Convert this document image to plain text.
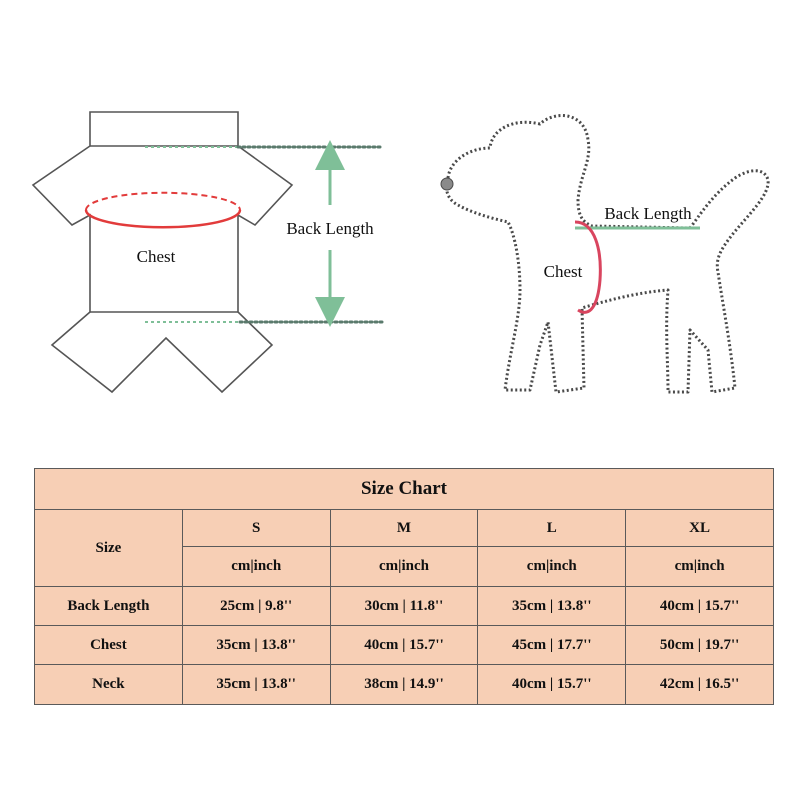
Chest
Back Length
Back Length
Chest
Size Chart				
Size	S	M	L	XL
	cm|inch	cm|inch	cm|inch	cm|inch
Back Length	25cm | 9.8''	30cm | 11.8''	35cm | 13.8''	40cm | 15.7''
Chest	35cm | 13.8''	40cm | 15.7''	45cm | 17.7''	50cm | 19.7''
Neck	35cm | 13.8''	38cm | 14.9''	40cm | 15.7''	42cm | 16.5''
